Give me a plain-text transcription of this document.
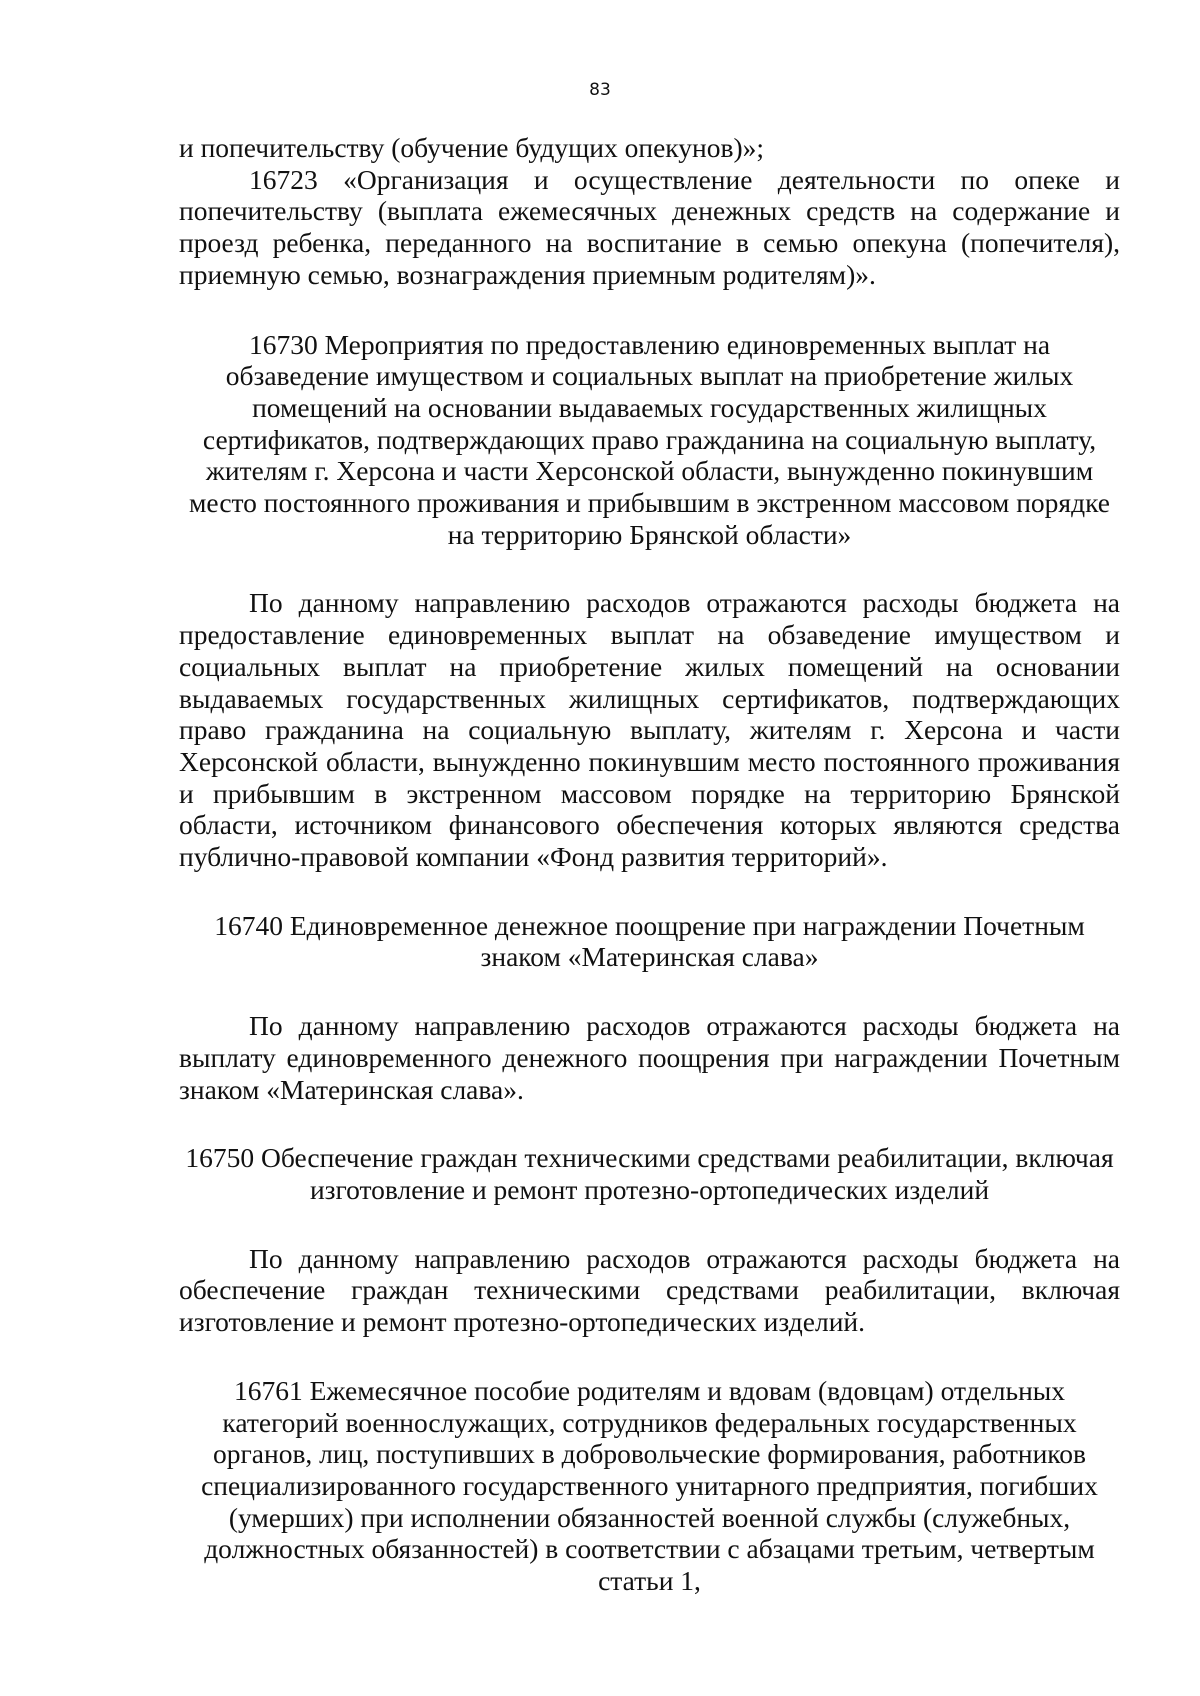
83

и попечительству (обучение будущих опекунов)»;

16723 «Организация и осуществление деятельности по опеке и попечительству (выплата ежемесячных денежных средств на содержание и проезд ребенка, переданного на воспитание в семью опекуна (попечителя), приемную семью, вознаграждения приемным родителям)».

16730 Мероприятия по предоставлению единовременных выплат на обзаведение имуществом и социальных выплат на приобретение жилых помещений на основании выдаваемых государственных жилищных сертификатов, подтверждающих право гражданина на социальную выплату, жителям г. Херсона и части Херсонской области, вынужденно покинувшим место постоянного проживания и прибывшим в экстренном массовом порядке на территорию Брянской области»

По данному направлению расходов отражаются расходы бюджета на предоставление единовременных выплат на обзаведение имуществом и социальных выплат на приобретение жилых помещений на основании выдаваемых государственных жилищных сертификатов, подтверждающих право гражданина на социальную выплату, жителям г. Херсона и части Херсонской области, вынужденно покинувшим место постоянного проживания и прибывшим в экстренном массовом порядке на территорию Брянской области, источником финансового обеспечения которых являются средства публично-правовой компании «Фонд развития территорий».

16740 Единовременное денежное поощрение при награждении Почетным знаком «Материнская слава»

По данному направлению расходов отражаются расходы бюджета на выплату единовременного денежного поощрения при награждении Почетным знаком «Материнская слава».

16750 Обеспечение граждан техническими средствами реабилитации, включая изготовление и ремонт протезно-ортопедических изделий

По данному направлению расходов отражаются расходы бюджета на обеспечение граждан техническими средствами реабилитации, включая изготовление и ремонт протезно-ортопедических изделий.

16761 Ежемесячное пособие родителям и вдовам (вдовцам) отдельных категорий военнослужащих, сотрудников федеральных государственных органов, лиц, поступивших в добровольческие формирования, работников специализированного государственного унитарного предприятия, погибших (умерших) при исполнении обязанностей военной службы (служебных, должностных обязанностей) в соответствии с абзацами третьим, четвертым статьи 1,
